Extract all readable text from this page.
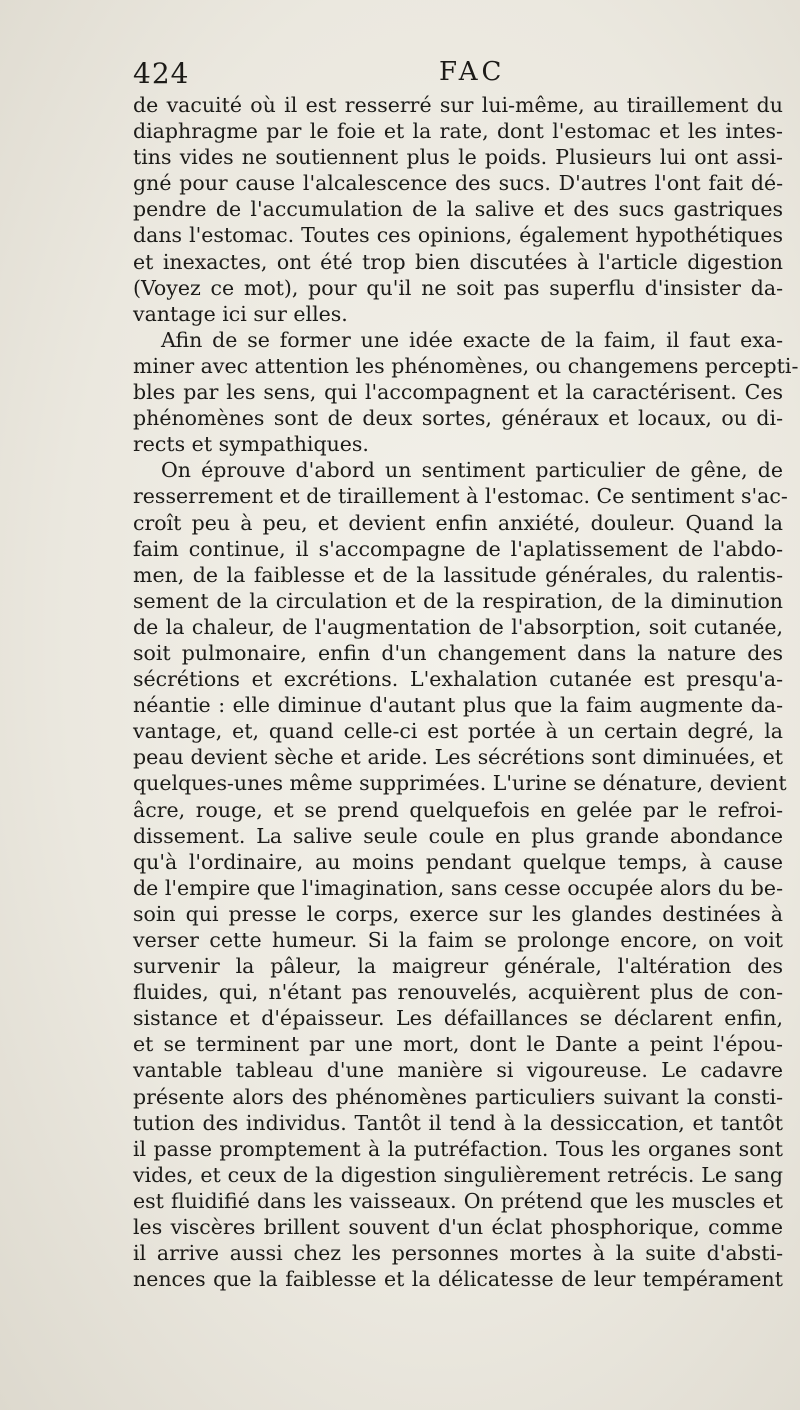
424	FAC
de vacuité où il est resserré sur lui-même, au tiraillement du
diaphragme par le foie et la rate, dont l'estomac et les intes-
tins vides ne soutiennent plus le poids. Plusieurs lui ont assi-
gné pour cause l'alcalescence des sucs. D'autres l'ont fait dé-
pendre de l'accumulation de la salive et des sucs gastriques
dans l'estomac. Toutes ces opinions, également hypothétiques
et inexactes, ont été trop bien discutées à l'article digestion
(Voyez ce mot), pour qu'il ne soit pas superflu d'insister da-
vantage ici sur elles.
Afin de se former une idée exacte de la faim, il faut exa-
miner avec attention les phénomènes, ou changemens percepti-
bles par les sens, qui l'accompagnent et la caractérisent. Ces
phénomènes sont de deux sortes, généraux et locaux, ou di-
rects et sympathiques.
On éprouve d'abord un sentiment particulier de gêne, de
resserrement et de tiraillement à l'estomac. Ce sentiment s'ac-
croît peu à peu, et devient enfin anxiété, douleur. Quand la
faim continue, il s'accompagne de l'aplatissement de l'abdo-
men, de la faiblesse et de la lassitude générales, du ralentis-
sement de la circulation et de la respiration, de la diminution
de la chaleur, de l'augmentation de l'absorption, soit cutanée,
soit pulmonaire, enfin d'un changement dans la nature des
sécrétions et excrétions. L'exhalation cutanée est presqu'a-
néantie : elle diminue d'autant plus que la faim augmente da-
vantage, et, quand celle-ci est portée à un certain degré, la
peau devient sèche et aride. Les sécrétions sont diminuées, et
quelques-unes même supprimées. L'urine se dénature, devient
âcre, rouge, et se prend quelquefois en gelée par le refroi-
dissement. La salive seule coule en plus grande abondance
qu'à l'ordinaire, au moins pendant quelque temps, à cause
de l'empire que l'imagination, sans cesse occupée alors du be-
soin qui presse le corps, exerce sur les glandes destinées à
verser cette humeur. Si la faim se prolonge encore, on voit
survenir la pâleur, la maigreur générale, l'altération des
fluides, qui, n'étant pas renouvelés, acquièrent plus de con-
sistance et d'épaisseur. Les défaillances se déclarent enfin,
et se terminent par une mort, dont le Dante a peint l'épou-
vantable tableau d'une manière si vigoureuse. Le cadavre
présente alors des phénomènes particuliers suivant la consti-
tution des individus. Tantôt il tend à la dessiccation, et tantôt
il passe promptement à la putréfaction. Tous les organes sont
vides, et ceux de la digestion singulièrement retrécis. Le sang
est fluidifié dans les vaisseaux. On prétend que les muscles et
les viscères brillent souvent d'un éclat phosphorique, comme
il arrive aussi chez les personnes mortes à la suite d'absti-
nences que la faiblesse et la délicatesse de leur tempérament
